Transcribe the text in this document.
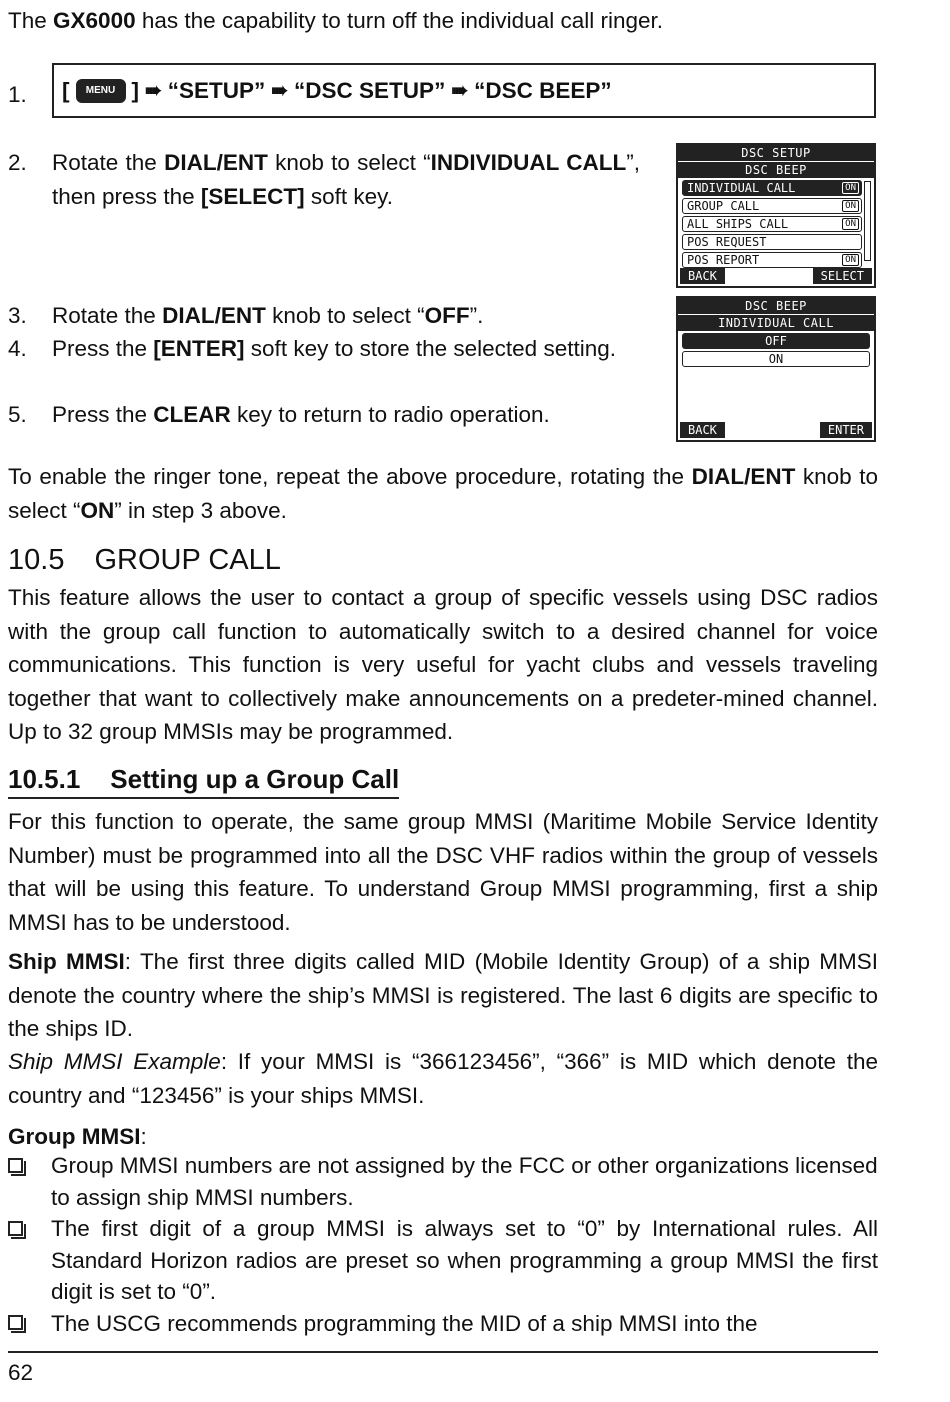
The GX6000 has the capability to turn off the individual call ringer.
1. [	MENU ] ➠ “SETUP” ➠ “DSC SETUP” ➠ “DSC BEEP”
2. Rotate the DIAL/ENT knob to select “INDIVIDUAL CALL”, then press the [SELECT] soft key.
DSC SETUP
DSC BEEP
INDIVIDUAL CALL	ON
GROUP CALL	ON
ALL SHIPS CALL	ON
POS REQUEST
POS REPORT	ON
BACK	SELECT
3. Rotate the DIAL/ENT knob to select “OFF”.
4. Press the [ENTER] soft key to store the selected setting.
5. Press the CLEAR key to return to radio operation.
DSC BEEP
INDIVIDUAL CALL
OFF
ON
BACK	ENTER
To enable the ringer tone, repeat the above procedure, rotating the DIAL/ENT knob to select “ON” in step 3 above.
10.5 GROUP CALL
This feature allows the user to contact a group of specific vessels using DSC radios with the group call function to automatically switch to a desired channel for voice communications. This function is very useful for yacht clubs and vessels traveling together that want to collectively make announcements on a predeter-mined channel. Up to 32 group MMSIs may be programmed.
10.5.1 Setting up a Group Call
For this function to operate, the same group MMSI (Maritime Mobile Service Identity Number) must be programmed into all the DSC VHF radios within the group of vessels that will be using this feature. To understand Group MMSI programming, first a ship MMSI has to be understood.
Ship MMSI: The first three digits called MID (Mobile Identity Group) of a ship MMSI denote the country where the ship’s MMSI is registered. The last 6 digits are specific to the ships ID.
Ship MMSI Example: If your MMSI is “366123456”, “366” is MID which denote the country and “123456” is your ships MMSI.
Group MMSI:
Group MMSI numbers are not assigned by the FCC or other organizations licensed to assign ship MMSI numbers.
The first digit of a group MMSI is always set to “0” by International rules. All Standard Horizon radios are preset so when programming a group MMSI the first digit is set to “0”.
The USCG recommends programming the MID of a ship MMSI into the
62
